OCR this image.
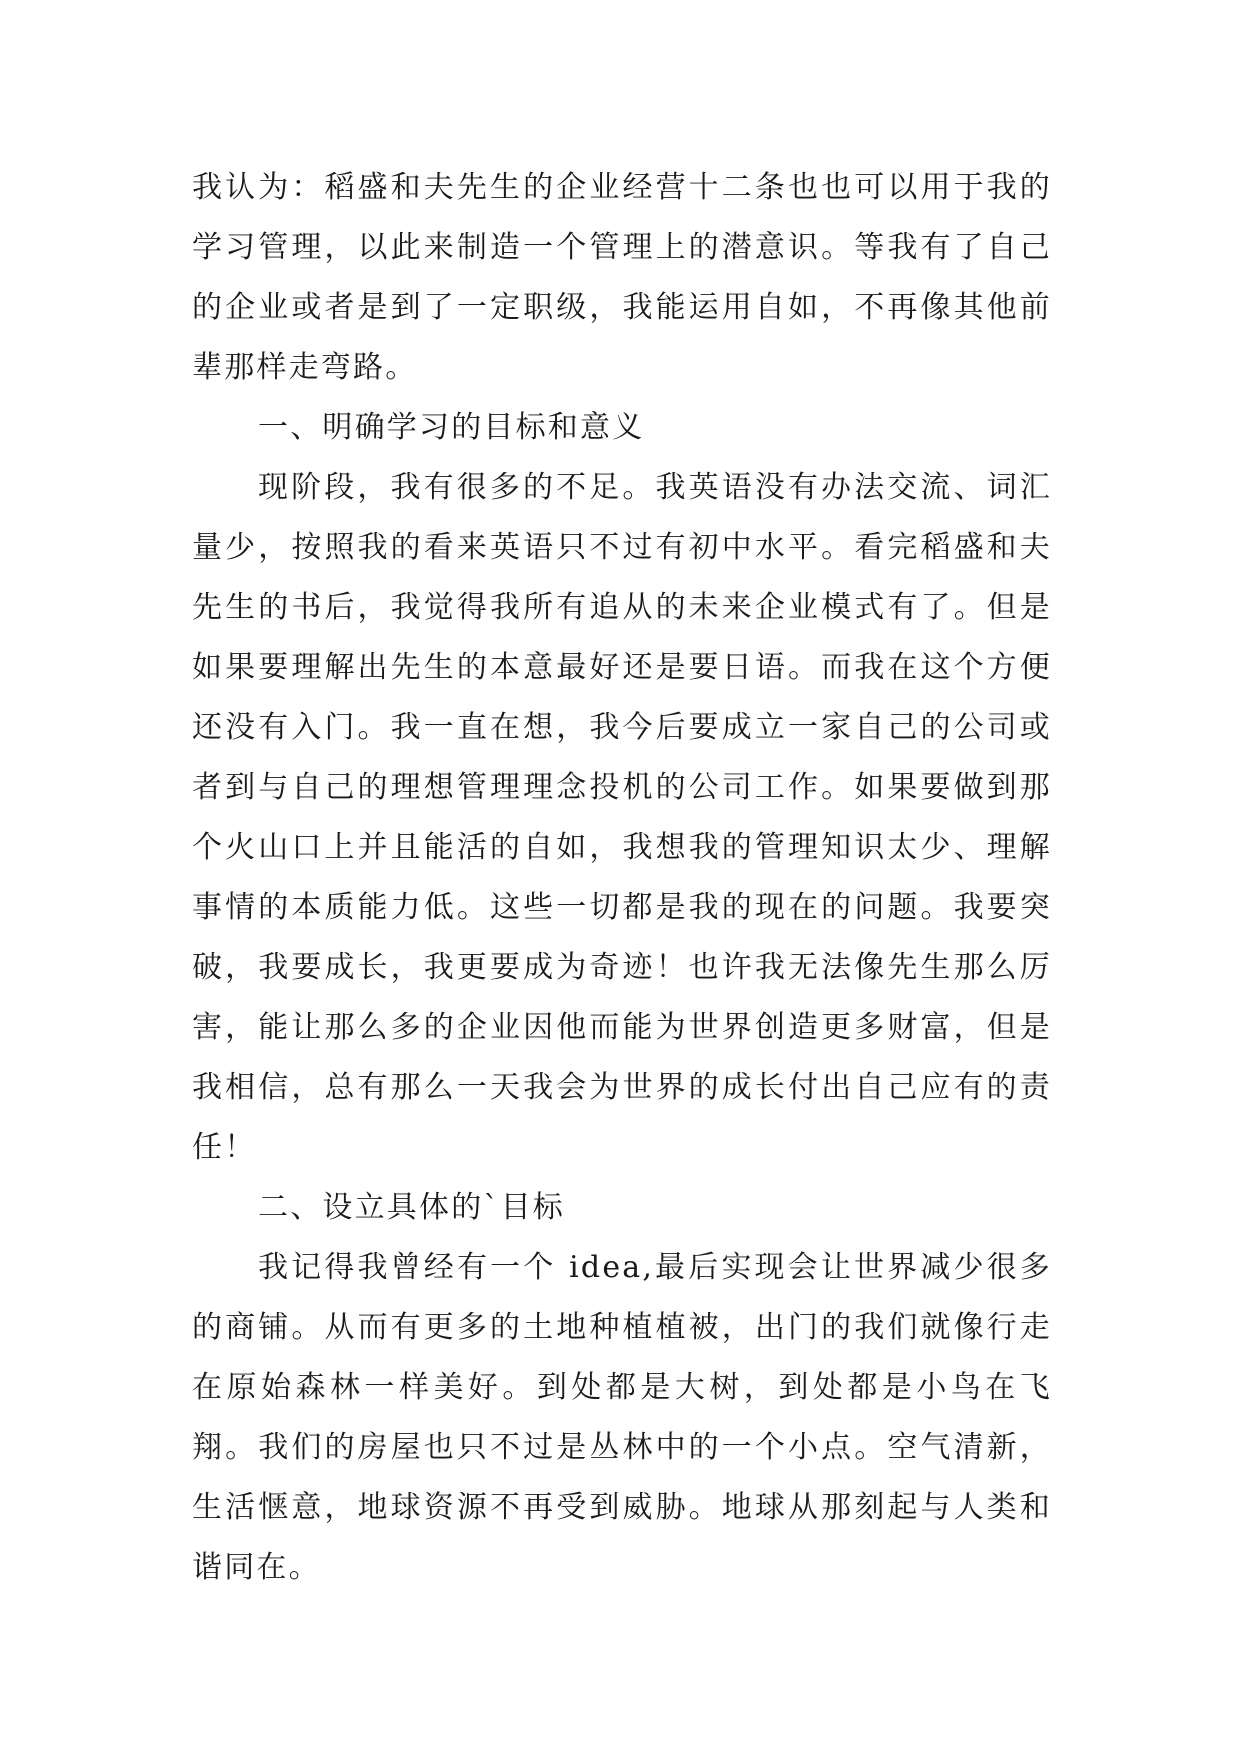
我认为：稻盛和夫先生的企业经营十二条也也可以用于我的学习管理，以此来制造一个管理上的潜意识。等我有了自己的企业或者是到了一定职级，我能运用自如，不再像其他前辈那样走弯路。

一、明确学习的目标和意义

现阶段，我有很多的不足。我英语没有办法交流、词汇量少，按照我的看来英语只不过有初中水平。看完稻盛和夫先生的书后，我觉得我所有追从的未来企业模式有了。但是如果要理解出先生的本意最好还是要日语。而我在这个方便还没有入门。我一直在想，我今后要成立一家自己的公司或者到与自己的理想管理理念投机的公司工作。如果要做到那个火山口上并且能活的自如，我想我的管理知识太少、理解事情的本质能力低。这些一切都是我的现在的问题。我要突破，我要成长，我更要成为奇迹！也许我无法像先生那么厉害，能让那么多的企业因他而能为世界创造更多财富，但是我相信，总有那么一天我会为世界的成长付出自己应有的责任！

二、设立具体的`目标

我记得我曾经有一个 idea,最后实现会让世界减少很多的商铺。从而有更多的土地种植植被，出门的我们就像行走在原始森林一样美好。到处都是大树，到处都是小鸟在飞翔。我们的房屋也只不过是丛林中的一个小点。空气清新，生活惬意，地球资源不再受到威胁。地球从那刻起与人类和谐同在。
